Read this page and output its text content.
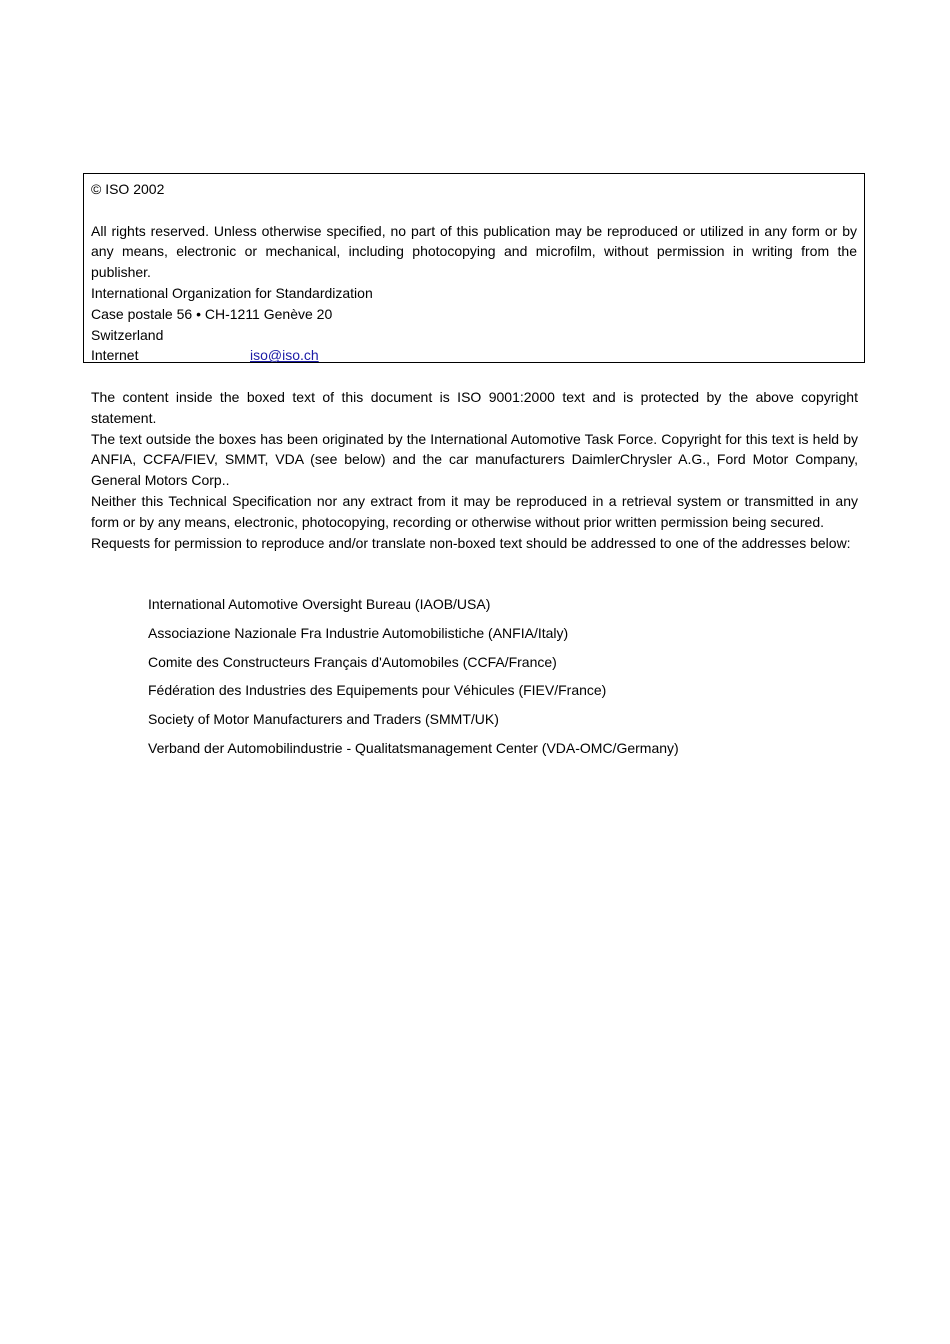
© ISO 2002
All rights reserved. Unless otherwise specified, no part of this publication may be reproduced or utilized in any form or by any means, electronic or mechanical, including photocopying and microfilm, without permission in writing from the publisher.
International Organization for Standardization
Case postale 56 • CH-1211 Genève 20
Switzerland
Internet	iso@iso.ch

The content inside the boxed text of this document is ISO 9001:2000 text and is protected by the above copyright statement.

The text outside the boxes has been originated by the International Automotive Task Force. Copyright for this text is held by ANFIA, CCFA/FIEV, SMMT, VDA (see below) and the car manufacturers DaimlerChrysler A.G., Ford Motor Company, General Motors Corp..

Neither this Technical Specification nor any extract from it may be reproduced in a retrieval system or transmitted in any form or by any means, electronic, photocopying, recording or otherwise without prior written permission being secured.

Requests for permission to reproduce and/or translate non-boxed text should be addressed to one of the addresses below:

International Automotive Oversight Bureau (IAOB/USA)
Associazione Nazionale Fra Industrie Automobilistiche (ANFIA/Italy)
Comite des Constructeurs Français d'Automobiles (CCFA/France)
Fédération des Industries des Equipements pour Véhicules (FIEV/France)
Society of Motor Manufacturers and Traders (SMMT/UK)
Verband der Automobilindustrie - Qualitatsmanagement Center (VDA-OMC/Germany)
